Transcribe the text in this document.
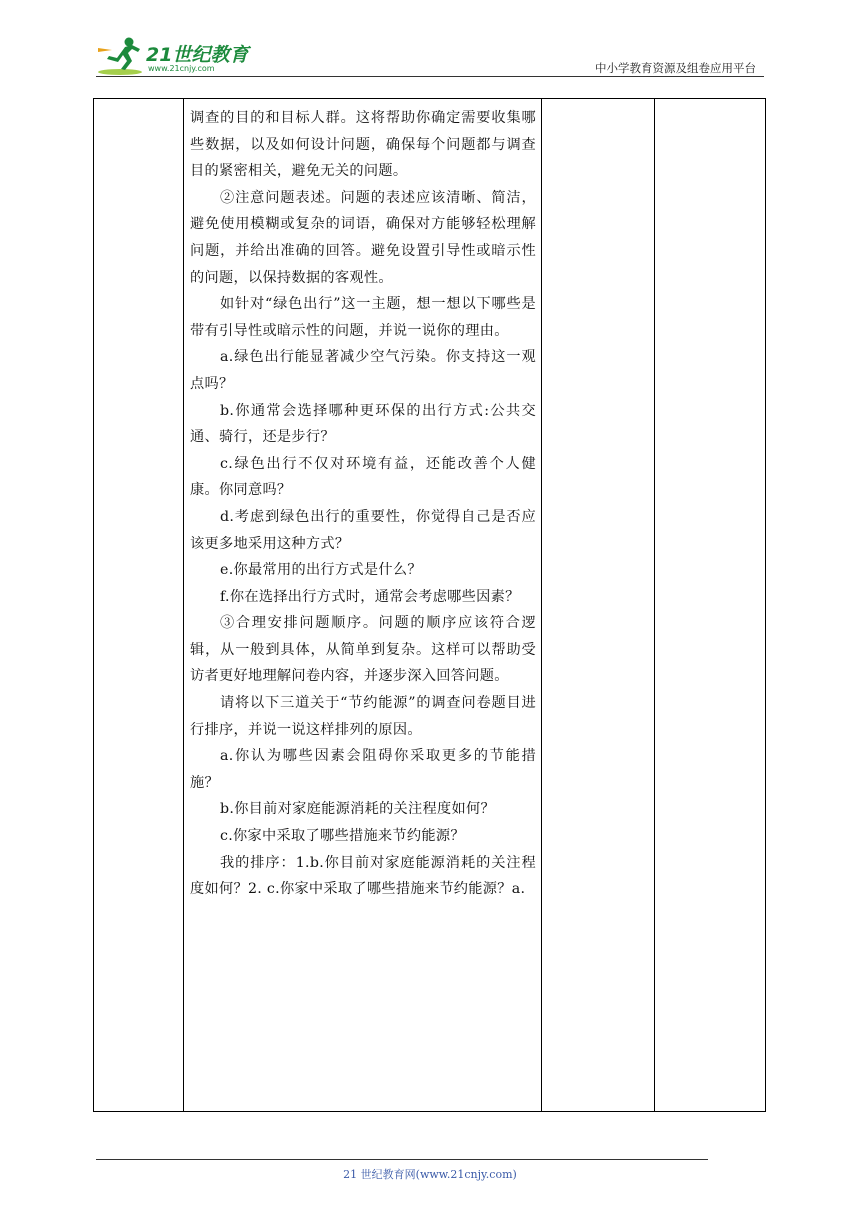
21世纪教育
www.21cnjy.com	中小学教育资源及组卷应用平台

调查的目的和目标人群。这将帮助你确定需要收集哪些数据，以及如何设计问题，确保每个问题都与调查目的紧密相关，避免无关的问题。

②注意问题表述。问题的表述应该清晰、简洁，避免使用模糊或复杂的词语，确保对方能够轻松理解问题，并给出准确的回答。避免设置引导性或暗示性的问题，以保持数据的客观性。

如针对“绿色出行”这一主题，想一想以下哪些是带有引导性或暗示性的问题，并说一说你的理由。

a.绿色出行能显著减少空气污染。你支持这一观点吗？

b.你通常会选择哪种更环保的出行方式:公共交通、骑行，还是步行？

c.绿色出行不仅对环境有益，还能改善个人健康。你同意吗？

d.考虑到绿色出行的重要性，你觉得自己是否应该更多地采用这种方式？

e.你最常用的出行方式是什么？

f.你在选择出行方式时，通常会考虑哪些因素？

③合理安排问题顺序。问题的顺序应该符合逻辑，从一般到具体，从简单到复杂。这样可以帮助受访者更好地理解问卷内容，并逐步深入回答问题。

请将以下三道关于“节约能源”的调查问卷题目进行排序，并说一说这样排列的原因。

a.你认为哪些因素会阻碍你采取更多的节能措施？

b.你目前对家庭能源消耗的关注程度如何？

c.你家中采取了哪些措施来节约能源？

我的排序：1.b.你目前对家庭能源消耗的关注程度如何？2. c.你家中采取了哪些措施来节约能源？a.

21 世纪教育网(www.21cnjy.com)
